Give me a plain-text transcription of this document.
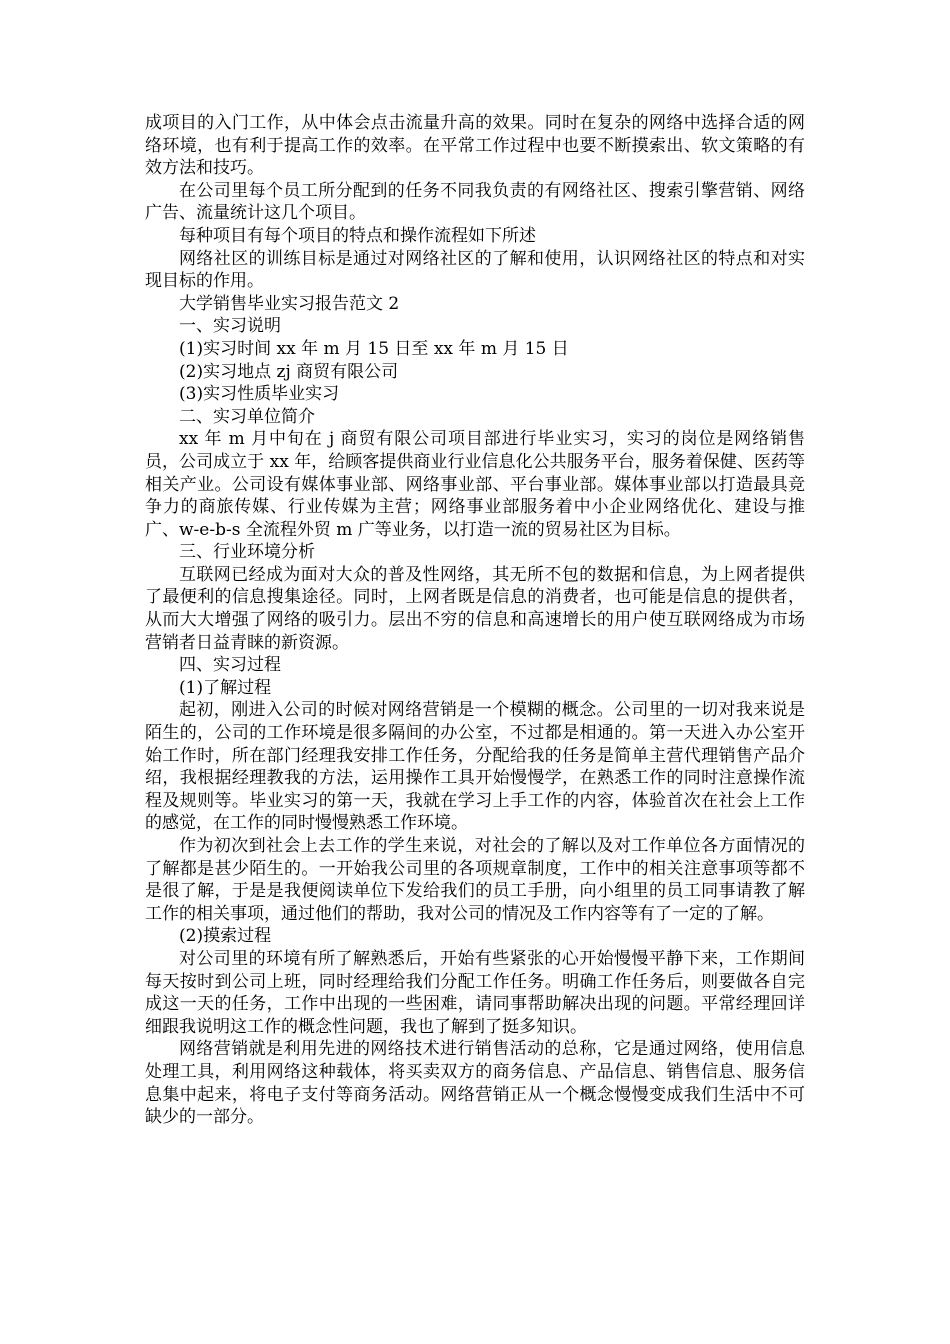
成项目的入门工作，从中体会点击流量升高的效果。同时在复杂的网络中选择合适的网络环境，也有利于提高工作的效率。在平常工作过程中也要不断摸索出、软文策略的有效方法和技巧。

在公司里每个员工所分配到的任务不同我负责的有网络社区、搜索引擎营销、网络广告、流量统计这几个项目。

每种项目有每个项目的特点和操作流程如下所述

网络社区的训练目标是通过对网络社区的了解和使用，认识网络社区的特点和对实现目标的作用。

大学销售毕业实习报告范文 2

一、实习说明

(1)实习时间 xx 年 m 月 15 日至 xx 年 m 月 15 日

(2)实习地点 zj 商贸有限公司

(3)实习性质毕业实习

二、实习单位简介

xx 年 m 月中旬在 j 商贸有限公司项目部进行毕业实习，实习的岗位是网络销售员，公司成立于 xx 年，给顾客提供商业行业信息化公共服务平台，服务着保健、医药等相关产业。公司设有媒体事业部、网络事业部、平台事业部。媒体事业部以打造最具竞争力的商旅传媒、行业传媒为主营；网络事业部服务着中小企业网络优化、建设与推广、w-e-b-s 全流程外贸 m 广等业务，以打造一流的贸易社区为目标。

三、行业环境分析

互联网已经成为面对大众的普及性网络，其无所不包的数据和信息，为上网者提供了最便利的信息搜集途径。同时，上网者既是信息的消费者，也可能是信息的提供者，从而大大增强了网络的吸引力。层出不穷的信息和高速增长的用户使互联网络成为市场营销者日益青睐的新资源。

四、实习过程

(1)了解过程

起初，刚进入公司的时候对网络营销是一个模糊的概念。公司里的一切对我来说是陌生的，公司的工作环境是很多隔间的办公室，不过都是相通的。第一天进入办公室开始工作时，所在部门经理我安排工作任务，分配给我的任务是简单主营代理销售产品介绍，我根据经理教我的方法，运用操作工具开始慢慢学，在熟悉工作的同时注意操作流程及规则等。毕业实习的第一天，我就在学习上手工作的内容，体验首次在社会上工作的感觉，在工作的同时慢慢熟悉工作环境。

作为初次到社会上去工作的学生来说，对社会的了解以及对工作单位各方面情况的了解都是甚少陌生的。一开始我公司里的各项规章制度，工作中的相关注意事项等都不是很了解，于是是我便阅读单位下发给我们的员工手册，向小组里的员工同事请教了解工作的相关事项，通过他们的帮助，我对公司的情况及工作内容等有了一定的了解。

(2)摸索过程

对公司里的环境有所了解熟悉后，开始有些紧张的心开始慢慢平静下来，工作期间每天按时到公司上班，同时经理给我们分配工作任务。明确工作任务后，则要做各自完成这一天的任务，工作中出现的一些困难，请同事帮助解决出现的问题。平常经理回详细跟我说明这工作的概念性问题，我也了解到了挺多知识。

网络营销就是利用先进的网络技术进行销售活动的总称，它是通过网络，使用信息处理工具，利用网络这种载体，将买卖双方的商务信息、产品信息、销售信息、服务信息集中起来，将电子支付等商务活动。网络营销正从一个概念慢慢变成我们生活中不可缺少的一部分。
